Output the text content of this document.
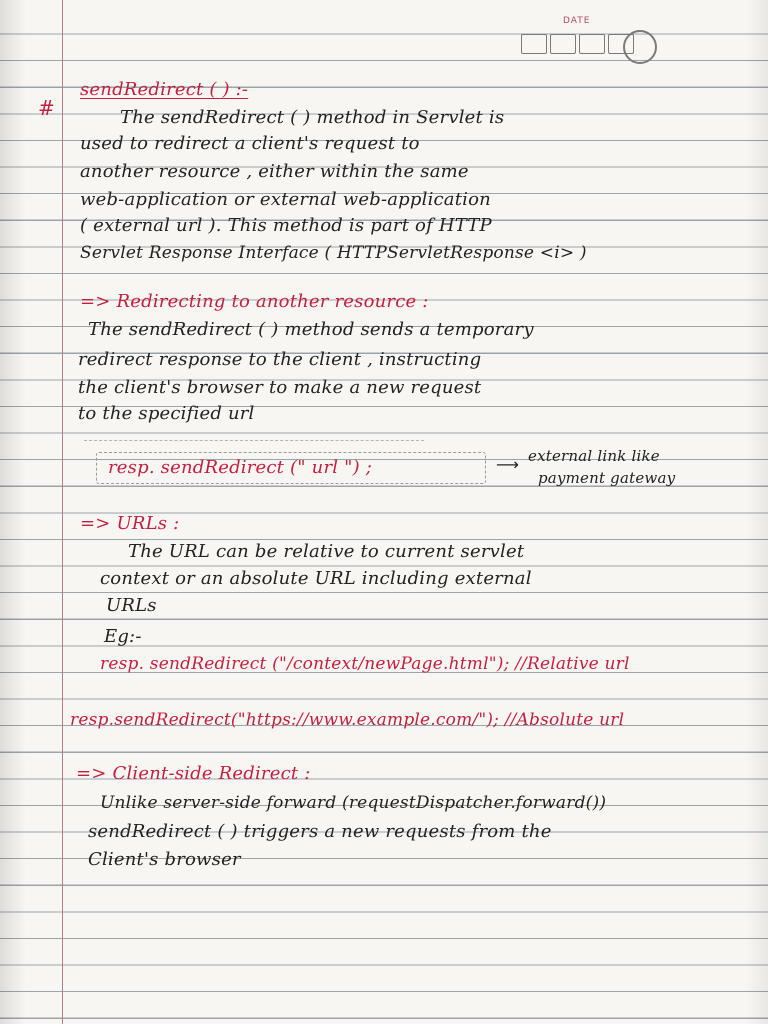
DATE
#

sendRedirect ( ) :-

The sendRedirect ( ) method in Servlet is

used to redirect a client's request to

another resource , either within the same

web-application or external web-application

( external url ). This method is part of HTTP

Servlet Response Interface ( HTTPServletResponse <i> )

=> Redirecting to another resource :

The sendRedirect ( ) method sends a temporary

redirect response to the client , instructing

the client's browser to make a new request

to the specified url

resp. sendRedirect (" url ") ;	⟶ external link like

payment gateway

=> URLs :

The URL can be relative to current servlet

context or an absolute URL including external

URLs

Eg:-

resp. sendRedirect ("/context/newPage.html"); //Relative url

resp.sendRedirect("https://www.example.com/"); //Absolute url

=> Client-side Redirect :

Unlike server-side forward (requestDispatcher.forward())

sendRedirect ( ) triggers a new requests from the

Client's browser
